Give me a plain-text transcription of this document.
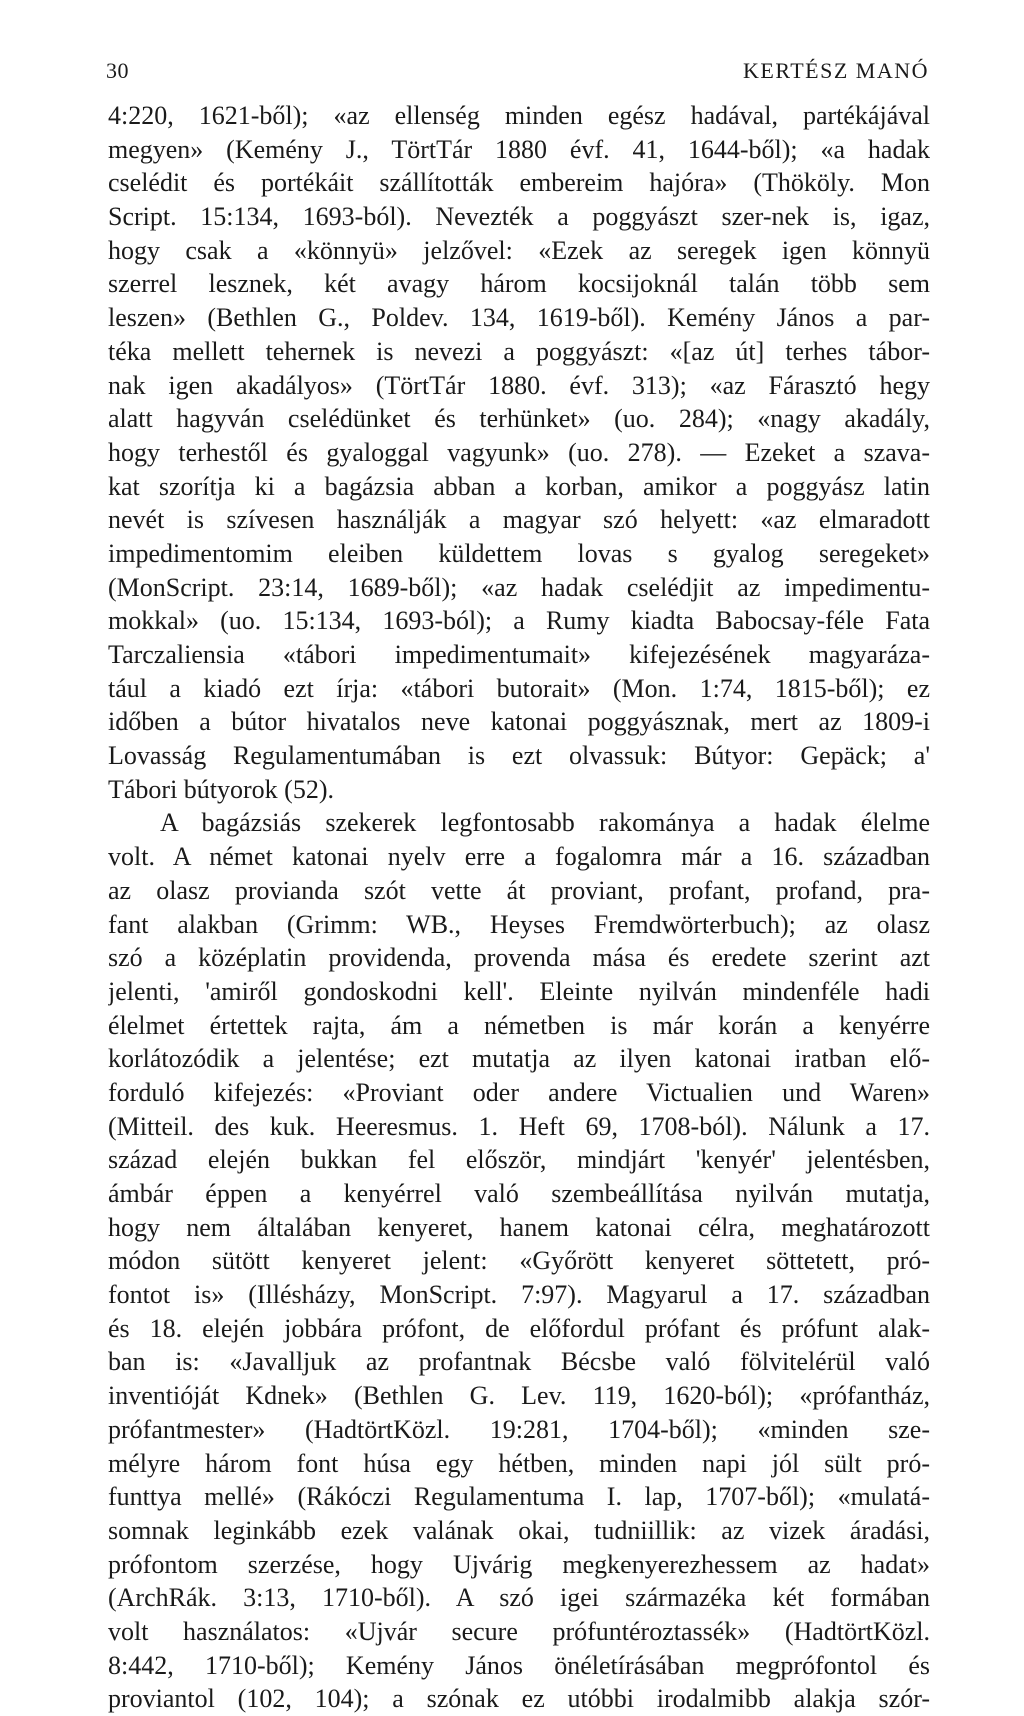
30	KERTÉSZ MANÓ
4:220, 1621-ből); «az ellenség minden egész hadával, partékájával
megyen» (Kemény J., TörtTár 1880 évf. 41, 1644-ből); «a hadak
cselédit és portékáit szállították embereim hajóra» (Thököly. Mon
Script. 15:134, 1693-ból). Nevezték a poggyászt szer-nek is, igaz,
hogy csak a «könnyü» jelzővel: «Ezek az seregek igen könnyü
szerrel lesznek, két avagy három kocsijoknál talán több sem
leszen» (Bethlen G., Poldev. 134, 1619-ből). Kemény János a par-
téka mellett tehernek is nevezi a poggyászt: «[az út] terhes tábor-
nak igen akadályos» (TörtTár 1880. évf. 313); «az Fárasztó hegy
alatt hagyván cselédünket és terhünket» (uo. 284); «nagy akadály,
hogy terhestől és gyaloggal vagyunk» (uo. 278). — Ezeket a szava-
kat szorítja ki a bagázsia abban a korban, amikor a poggyász latin
nevét is szívesen használják a magyar szó helyett: «az elmaradott
impedimentomim eleiben küldettem lovas s gyalog seregeket»
(MonScript. 23:14, 1689-ből); «az hadak cselédjit az impedimentu-
mokkal» (uo. 15:134, 1693-ból); a Rumy kiadta Babocsay-féle Fata
Tarczaliensia «tábori impedimentumait» kifejezésének magyaráza-
tául a kiadó ezt írja: «tábori butorait» (Mon. 1:74, 1815-ből); ez
időben a bútor hivatalos neve katonai poggyásznak, mert az 1809-i
Lovasság Regulamentumában is ezt olvassuk: Bútyor: Gepäck; a'
Tábori bútyorok (52).
A bagázsiás szekerek legfontosabb rakománya a hadak élelme
volt. A német katonai nyelv erre a fogalomra már a 16. században
az olasz provianda szót vette át proviant, profant, profand, pra-
fant alakban (Grimm: WB., Heyses Fremdwörterbuch); az olasz
szó a középlatin providenda, provenda mása és eredete szerint azt
jelenti, 'amiről gondoskodni kell'. Eleinte nyilván mindenféle hadi
élelmet értettek rajta, ám a németben is már korán a kenyérre
korlátozódik a jelentése; ezt mutatja az ilyen katonai iratban elő-
forduló kifejezés: «Proviant oder andere Victualien und Waren»
(Mitteil. des kuk. Heeresmus. 1. Heft 69, 1708-ból). Nálunk a 17.
század elején bukkan fel először, mindjárt 'kenyér' jelentésben,
ámbár éppen a kenyérrel való szembeállítása nyilván mutatja,
hogy nem általában kenyeret, hanem katonai célra, meghatározott
módon sütött kenyeret jelent: «Győrött kenyeret söttetett, pró-
fontot is» (Illésházy, MonScript. 7:97). Magyarul a 17. században
és 18. elején jobbára prófont, de előfordul prófant és prófunt alak-
ban is: «Javalljuk az profantnak Bécsbe való fölvitelérül való
inventióját Kdnek» (Bethlen G. Lev. 119, 1620-ból); «prófantház,
prófantmester» (HadtörtKözl. 19:281, 1704-ből); «minden sze-
mélyre három font húsa egy hétben, minden napi jól sült pró-
funttya mellé» (Rákóczi Regulamentuma I. lap, 1707-ből); «mulatá-
somnak leginkább ezek valának okai, tudniillik: az vizek áradási,
prófontom szerzése, hogy Ujvárig megkenyerezhessem az hadat»
(ArchRák. 3:13, 1710-ből). A szó igei származéka két formában
volt használatos: «Ujvár secure prófuntéroztassék» (HadtörtKözl.
8:442, 1710-ből); Kemény János önéletírásában megprófontol és
proviantol (102, 104); a szónak ez utóbbi irodalmibb alakja szór-
